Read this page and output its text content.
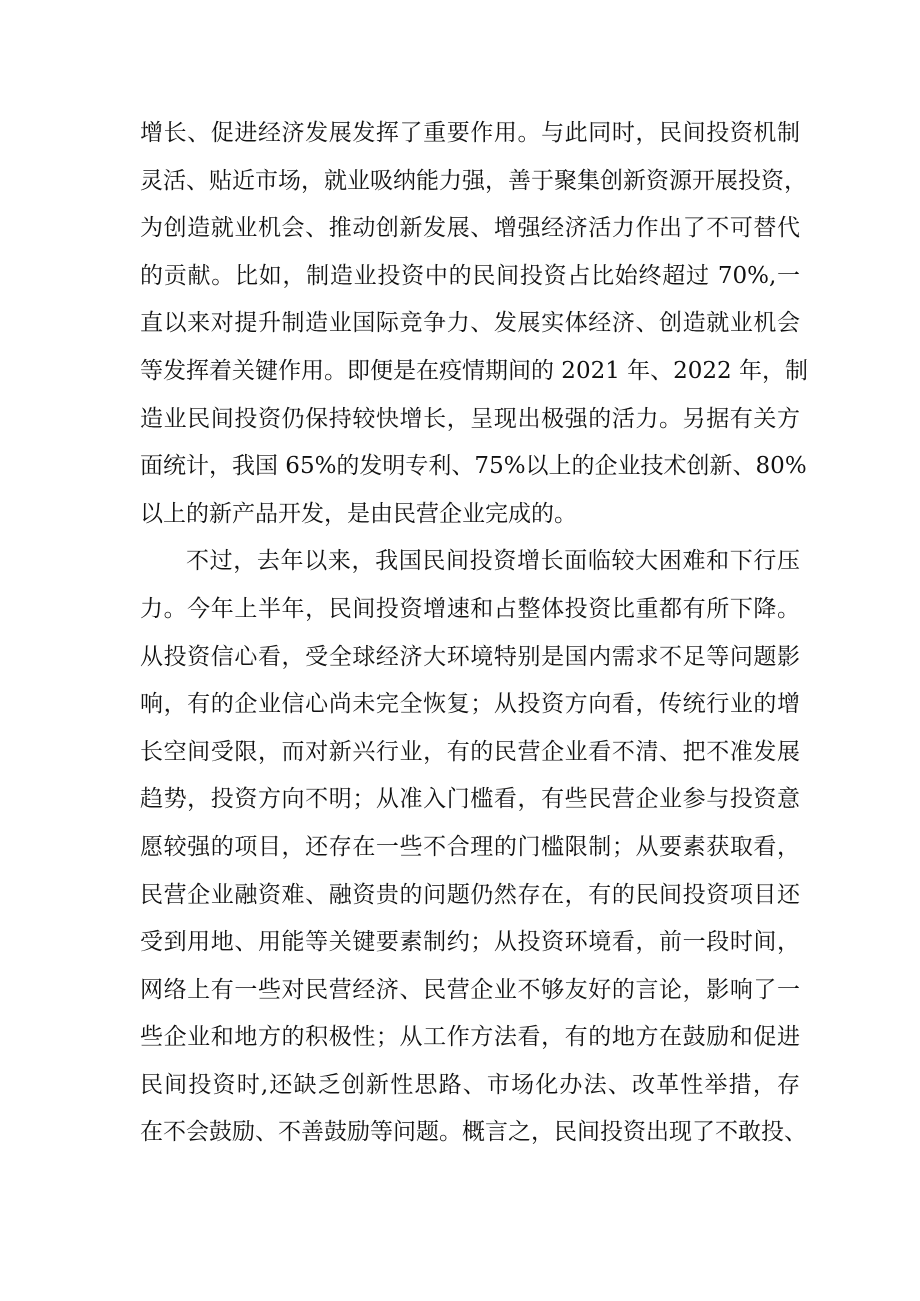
增长、促进经济发展发挥了重要作用。与此同时，民间投资机制
灵活、贴近市场，就业吸纳能力强，善于聚集创新资源开展投资，
为创造就业机会、推动创新发展、增强经济活力作出了不可替代
的贡献。比如，制造业投资中的民间投资占比始终超过 70%,一
直以来对提升制造业国际竞争力、发展实体经济、创造就业机会
等发挥着关键作用。即便是在疫情期间的 2021 年、2022 年，制
造业民间投资仍保持较快增长，呈现出极强的活力。另据有关方
面统计，我国 65%的发明专利、75%以上的企业技术创新、80%
以上的新产品开发，是由民营企业完成的。
不过，去年以来，我国民间投资增长面临较大困难和下行压
力。今年上半年，民间投资增速和占整体投资比重都有所下降。
从投资信心看，受全球经济大环境特别是国内需求不足等问题影
响，有的企业信心尚未完全恢复；从投资方向看，传统行业的增
长空间受限，而对新兴行业，有的民营企业看不清、把不准发展
趋势，投资方向不明；从准入门槛看，有些民营企业参与投资意
愿较强的项目，还存在一些不合理的门槛限制；从要素获取看，
民营企业融资难、融资贵的问题仍然存在，有的民间投资项目还
受到用地、用能等关键要素制约；从投资环境看，前一段时间，
网络上有一些对民营经济、民营企业不够友好的言论，影响了一
些企业和地方的积极性；从工作方法看，有的地方在鼓励和促进
民间投资时,还缺乏创新性思路、市场化办法、改革性举措，存
在不会鼓励、不善鼓励等问题。概言之，民间投资出现了不敢投、
